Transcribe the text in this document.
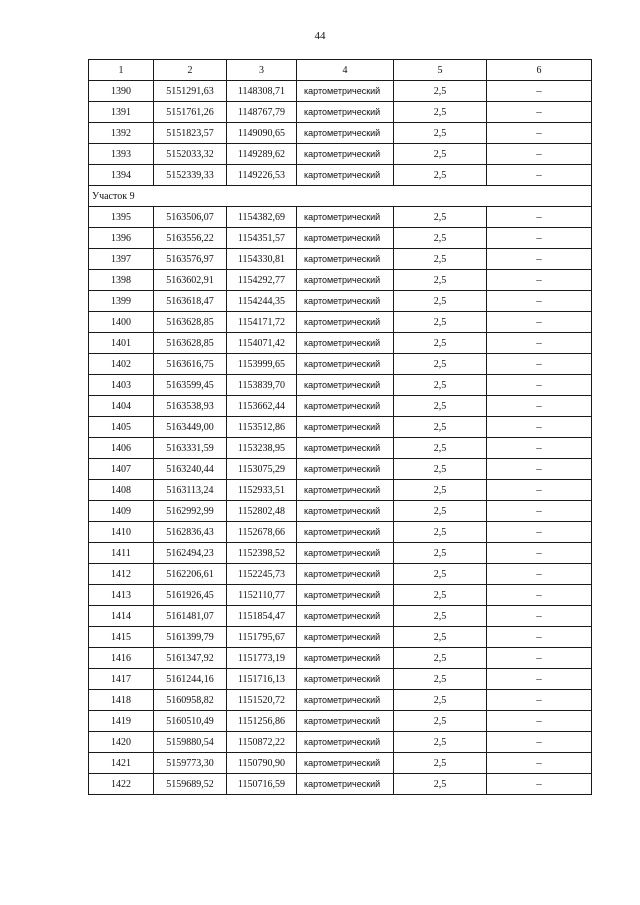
44
1	2	3	4	5	6
1390	5151291,63	1148308,71	картометрический	2,5	–
1391	5151761,26	1148767,79	картометрический	2,5	–
1392	5151823,57	1149090,65	картометрический	2,5	–
1393	5152033,32	1149289,62	картометрический	2,5	–
1394	5152339,33	1149226,53	картометрический	2,5	–
Участок 9					
1395	5163506,07	1154382,69	картометрический	2,5	–
1396	5163556,22	1154351,57	картометрический	2,5	–
1397	5163576,97	1154330,81	картометрический	2,5	–
1398	5163602,91	1154292,77	картометрический	2,5	–
1399	5163618,47	1154244,35	картометрический	2,5	–
1400	5163628,85	1154171,72	картометрический	2,5	–
1401	5163628,85	1154071,42	картометрический	2,5	–
1402	5163616,75	1153999,65	картометрический	2,5	–
1403	5163599,45	1153839,70	картометрический	2,5	–
1404	5163538,93	1153662,44	картометрический	2,5	–
1405	5163449,00	1153512,86	картометрический	2,5	–
1406	5163331,59	1153238,95	картометрический	2,5	–
1407	5163240,44	1153075,29	картометрический	2,5	–
1408	5163113,24	1152933,51	картометрический	2,5	–
1409	5162992,99	1152802,48	картометрический	2,5	–
1410	5162836,43	1152678,66	картометрический	2,5	–
1411	5162494,23	1152398,52	картометрический	2,5	–
1412	5162206,61	1152245,73	картометрический	2,5	–
1413	5161926,45	1152110,77	картометрический	2,5	–
1414	5161481,07	1151854,47	картометрический	2,5	–
1415	5161399,79	1151795,67	картометрический	2,5	–
1416	5161347,92	1151773,19	картометрический	2,5	–
1417	5161244,16	1151716,13	картометрический	2,5	–
1418	5160958,82	1151520,72	картометрический	2,5	–
1419	5160510,49	1151256,86	картометрический	2,5	–
1420	5159880,54	1150872,22	картометрический	2,5	–
1421	5159773,30	1150790,90	картометрический	2,5	–
1422	5159689,52	1150716,59	картометрический	2,5	–
